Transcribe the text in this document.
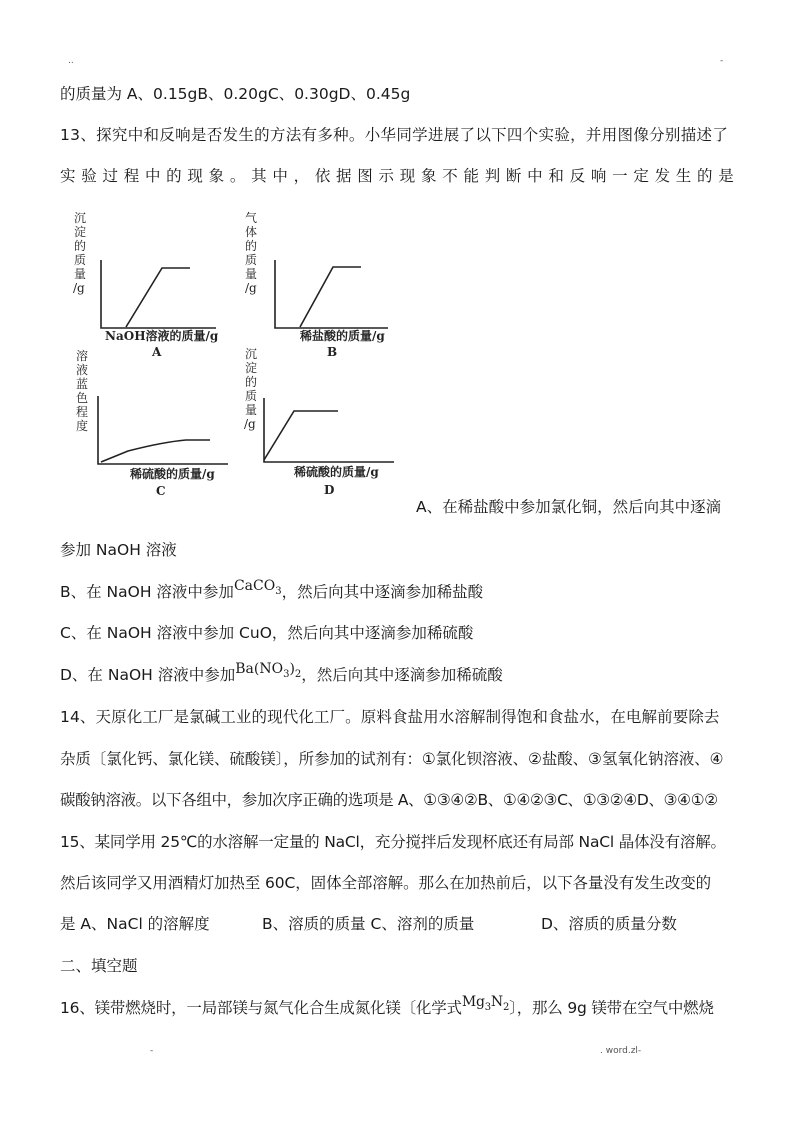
..	-
的质量为 A、0.15gB、0.20gC、0.30gD、0.45g
13、探究中和反响是否发生的方法有多种。小华同学进展了以下四个实验，并用图像分别描述了
实 验 过 程 中 的 现 象 。 其 中 ， 依 据 图 示 现 象 不 能 判 断 中 和 反 响 一 定 发 生 的 是
沉
淀
的
质
量
/g
NaOH溶液的质量/g
A
气
体
的
质
量
/g
稀盐酸的质量/g
B
溶
液
蓝
色
程
度
稀硫酸的质量/g
C
沉
淀
的
质
量
/g
稀硫酸的质量/g
D
A、在稀盐酸中参加氯化铜，然后向其中逐滴
参加 NaOH 溶液
B、在 NaOH 溶液中参加CaCO$_3$，然后向其中逐滴参加稀盐酸
C、在 NaOH 溶液中参加 CuO，然后向其中逐滴参加稀硫酸
D、在 NaOH 溶液中参加$Ba(NO_3)_2$，然后向其中逐滴参加稀硫酸
14、天原化工厂是氯碱工业的现代化工厂。原料食盐用水溶解制得饱和食盐水，在电解前要除去
杂质〔氯化钙、氯化镁、硫酸镁〕，所参加的试剂有：①氯化钡溶液、②盐酸、③氢氧化钠溶液、④
碳酸钠溶液。以下各组中，参加次序正确的选项是 A、①③④②B、①④②③C、①③②④D、③④①②
15、某同学用 25℃的水溶解一定量的 NaCl，充分搅拌后发现杯底还有局部 NaCl 晶体没有溶解。
然后该同学又用酒精灯加热至 60C，固体全部溶解。那么在加热前后，以下各量没有发生改变的
是 A、NaCl 的溶解度	B、溶质的质量 C、溶剂的质量	D、溶质的质量分数
二、填空题
16、镁带燃烧时，一局部镁与氮气化合生成氮化镁〔化学式$Mg_3N_2$〕，那么 9g 镁带在空气中燃烧
-	. word.zl-
